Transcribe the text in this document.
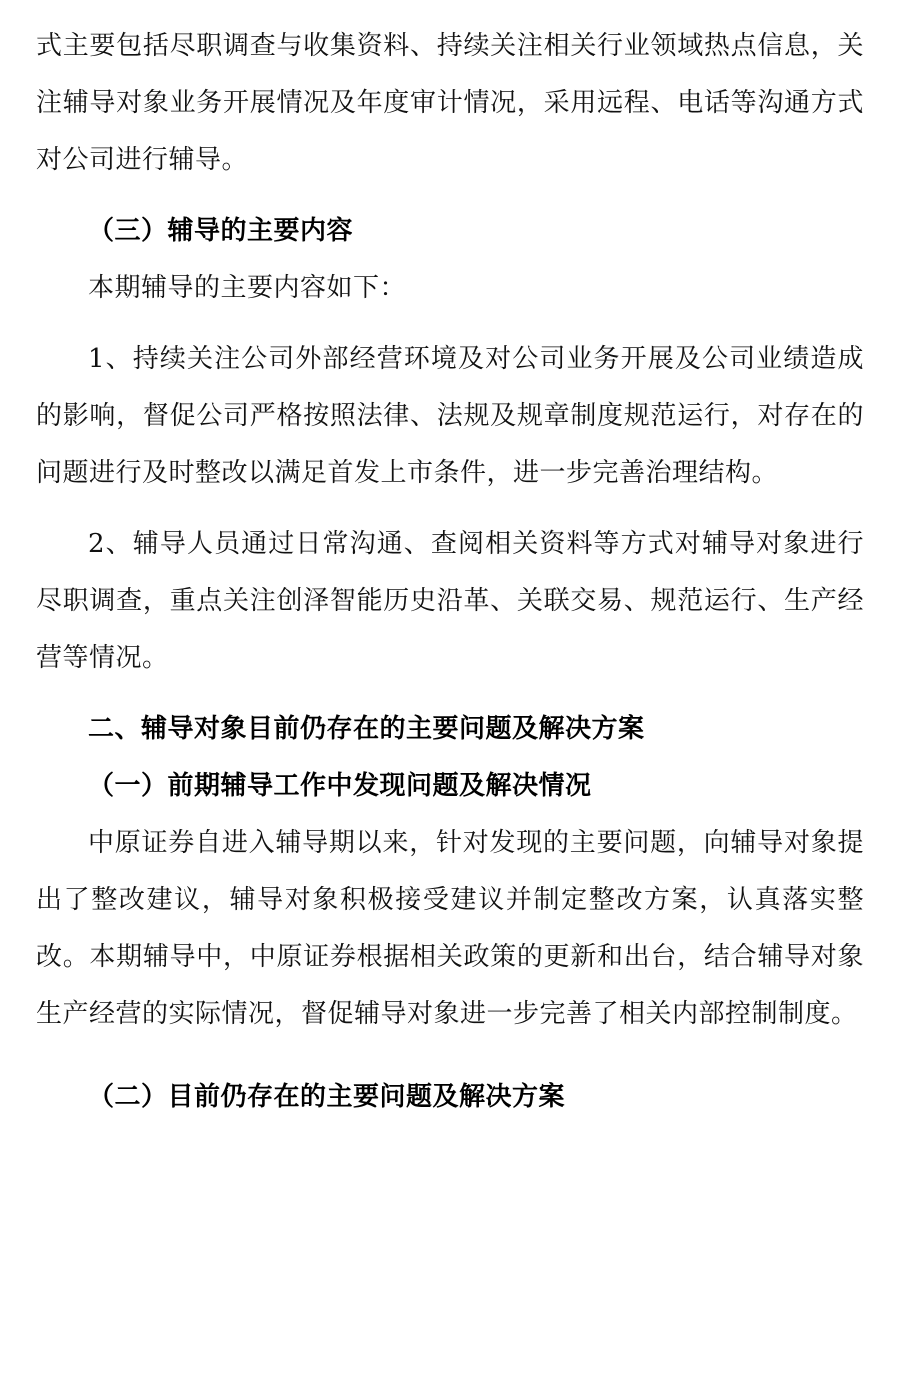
式主要包括尽职调查与收集资料、持续关注相关行业领域热点信息，关注辅导对象业务开展情况及年度审计情况，采用远程、电话等沟通方式对公司进行辅导。

（三）辅导的主要内容

本期辅导的主要内容如下：

1、持续关注公司外部经营环境及对公司业务开展及公司业绩造成的影响，督促公司严格按照法律、法规及规章制度规范运行，对存在的问题进行及时整改以满足首发上市条件，进一步完善治理结构。

2、辅导人员通过日常沟通、查阅相关资料等方式对辅导对象进行尽职调查，重点关注创泽智能历史沿革、关联交易、规范运行、生产经营等情况。

二、辅导对象目前仍存在的主要问题及解决方案
（一）前期辅导工作中发现问题及解决情况

中原证券自进入辅导期以来，针对发现的主要问题，向辅导对象提出了整改建议，辅导对象积极接受建议并制定整改方案，认真落实整改。本期辅导中，中原证券根据相关政策的更新和出台，结合辅导对象生产经营的实际情况，督促辅导对象进一步完善了相关内部控制制度。

（二）目前仍存在的主要问题及解决方案
